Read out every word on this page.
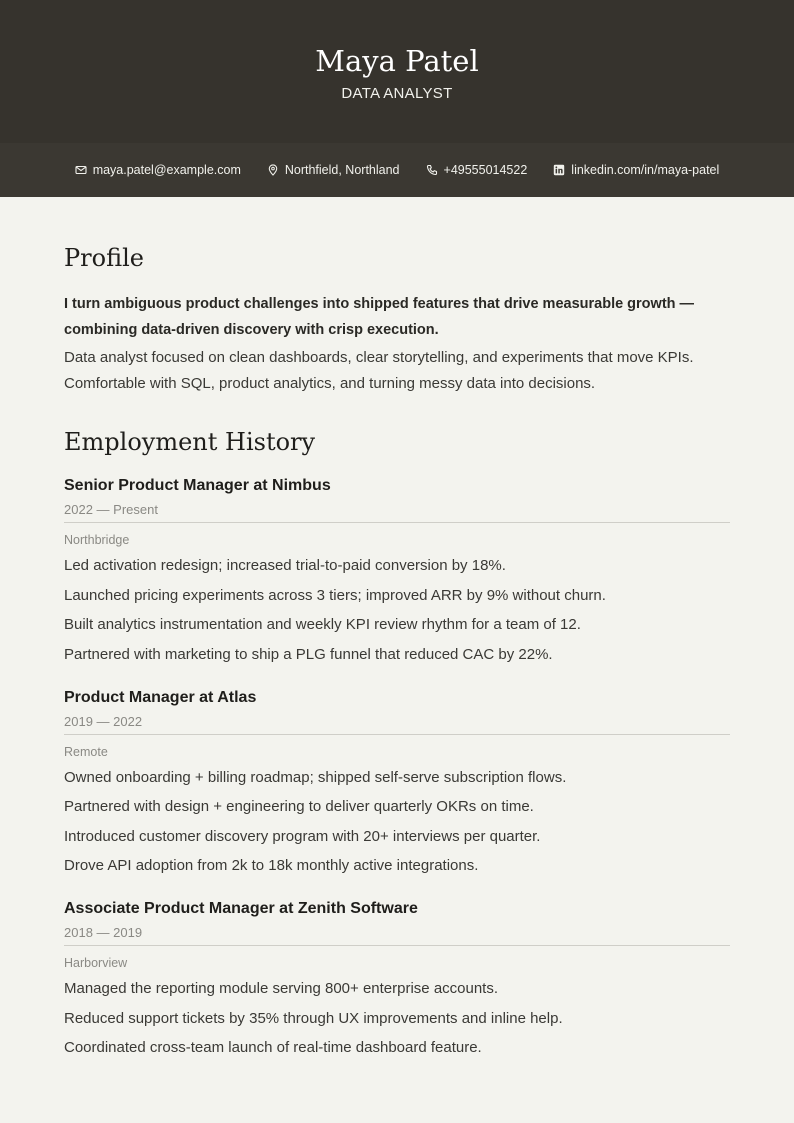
Maya Patel
DATA ANALYST
maya.patel@example.com	Northfield, Northland	+49555014522	linkedin.com/in/maya-patel
Profile

I turn ambiguous product challenges into shipped features that drive measurable growth — combining data-driven discovery with crisp execution.

Data analyst focused on clean dashboards, clear storytelling, and experiments that move KPIs. Comfortable with SQL, product analytics, and turning messy data into decisions.

Employment History
Senior Product Manager at Nimbus
2022 — Present
Northbridge
Led activation redesign; increased trial-to-paid conversion by 18%.
Launched pricing experiments across 3 tiers; improved ARR by 9% without churn.
Built analytics instrumentation and weekly KPI review rhythm for a team of 12.
Partnered with marketing to ship a PLG funnel that reduced CAC by 22%.
Product Manager at Atlas
2019 — 2022
Remote
Owned onboarding + billing roadmap; shipped self-serve subscription flows.
Partnered with design + engineering to deliver quarterly OKRs on time.
Introduced customer discovery program with 20+ interviews per quarter.
Drove API adoption from 2k to 18k monthly active integrations.
Associate Product Manager at Zenith Software
2018 — 2019
Harborview
Managed the reporting module serving 800+ enterprise accounts.
Reduced support tickets by 35% through UX improvements and inline help.
Coordinated cross-team launch of real-time dashboard feature.
